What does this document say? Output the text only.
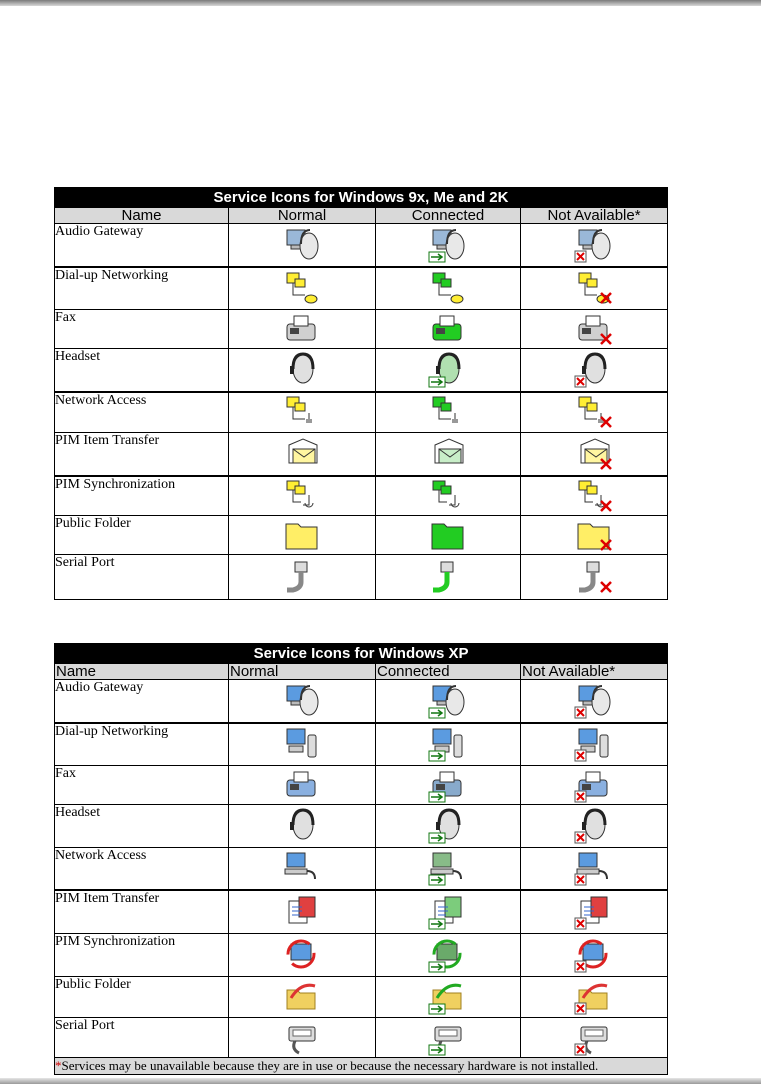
Service Icons for Windows 9x, Me and 2K			
Name	Normal	Connected	Not Available*
Audio Gateway			
Dial-up Networking			
Fax			
Headset			
Network Access			
PIM Item Transfer			
PIM Synchronization			
Public Folder			
Serial Port			
Service Icons for Windows XP			
Name	Normal	Connected	Not Available*
Audio Gateway			
Dial-up Networking			
Fax			
Headset			
Network Access			
PIM Item Transfer			
PIM Synchronization			
Public Folder			
Serial Port			
*Services may be unavailable because they are in use or because the necessary hardware is not installed.			
